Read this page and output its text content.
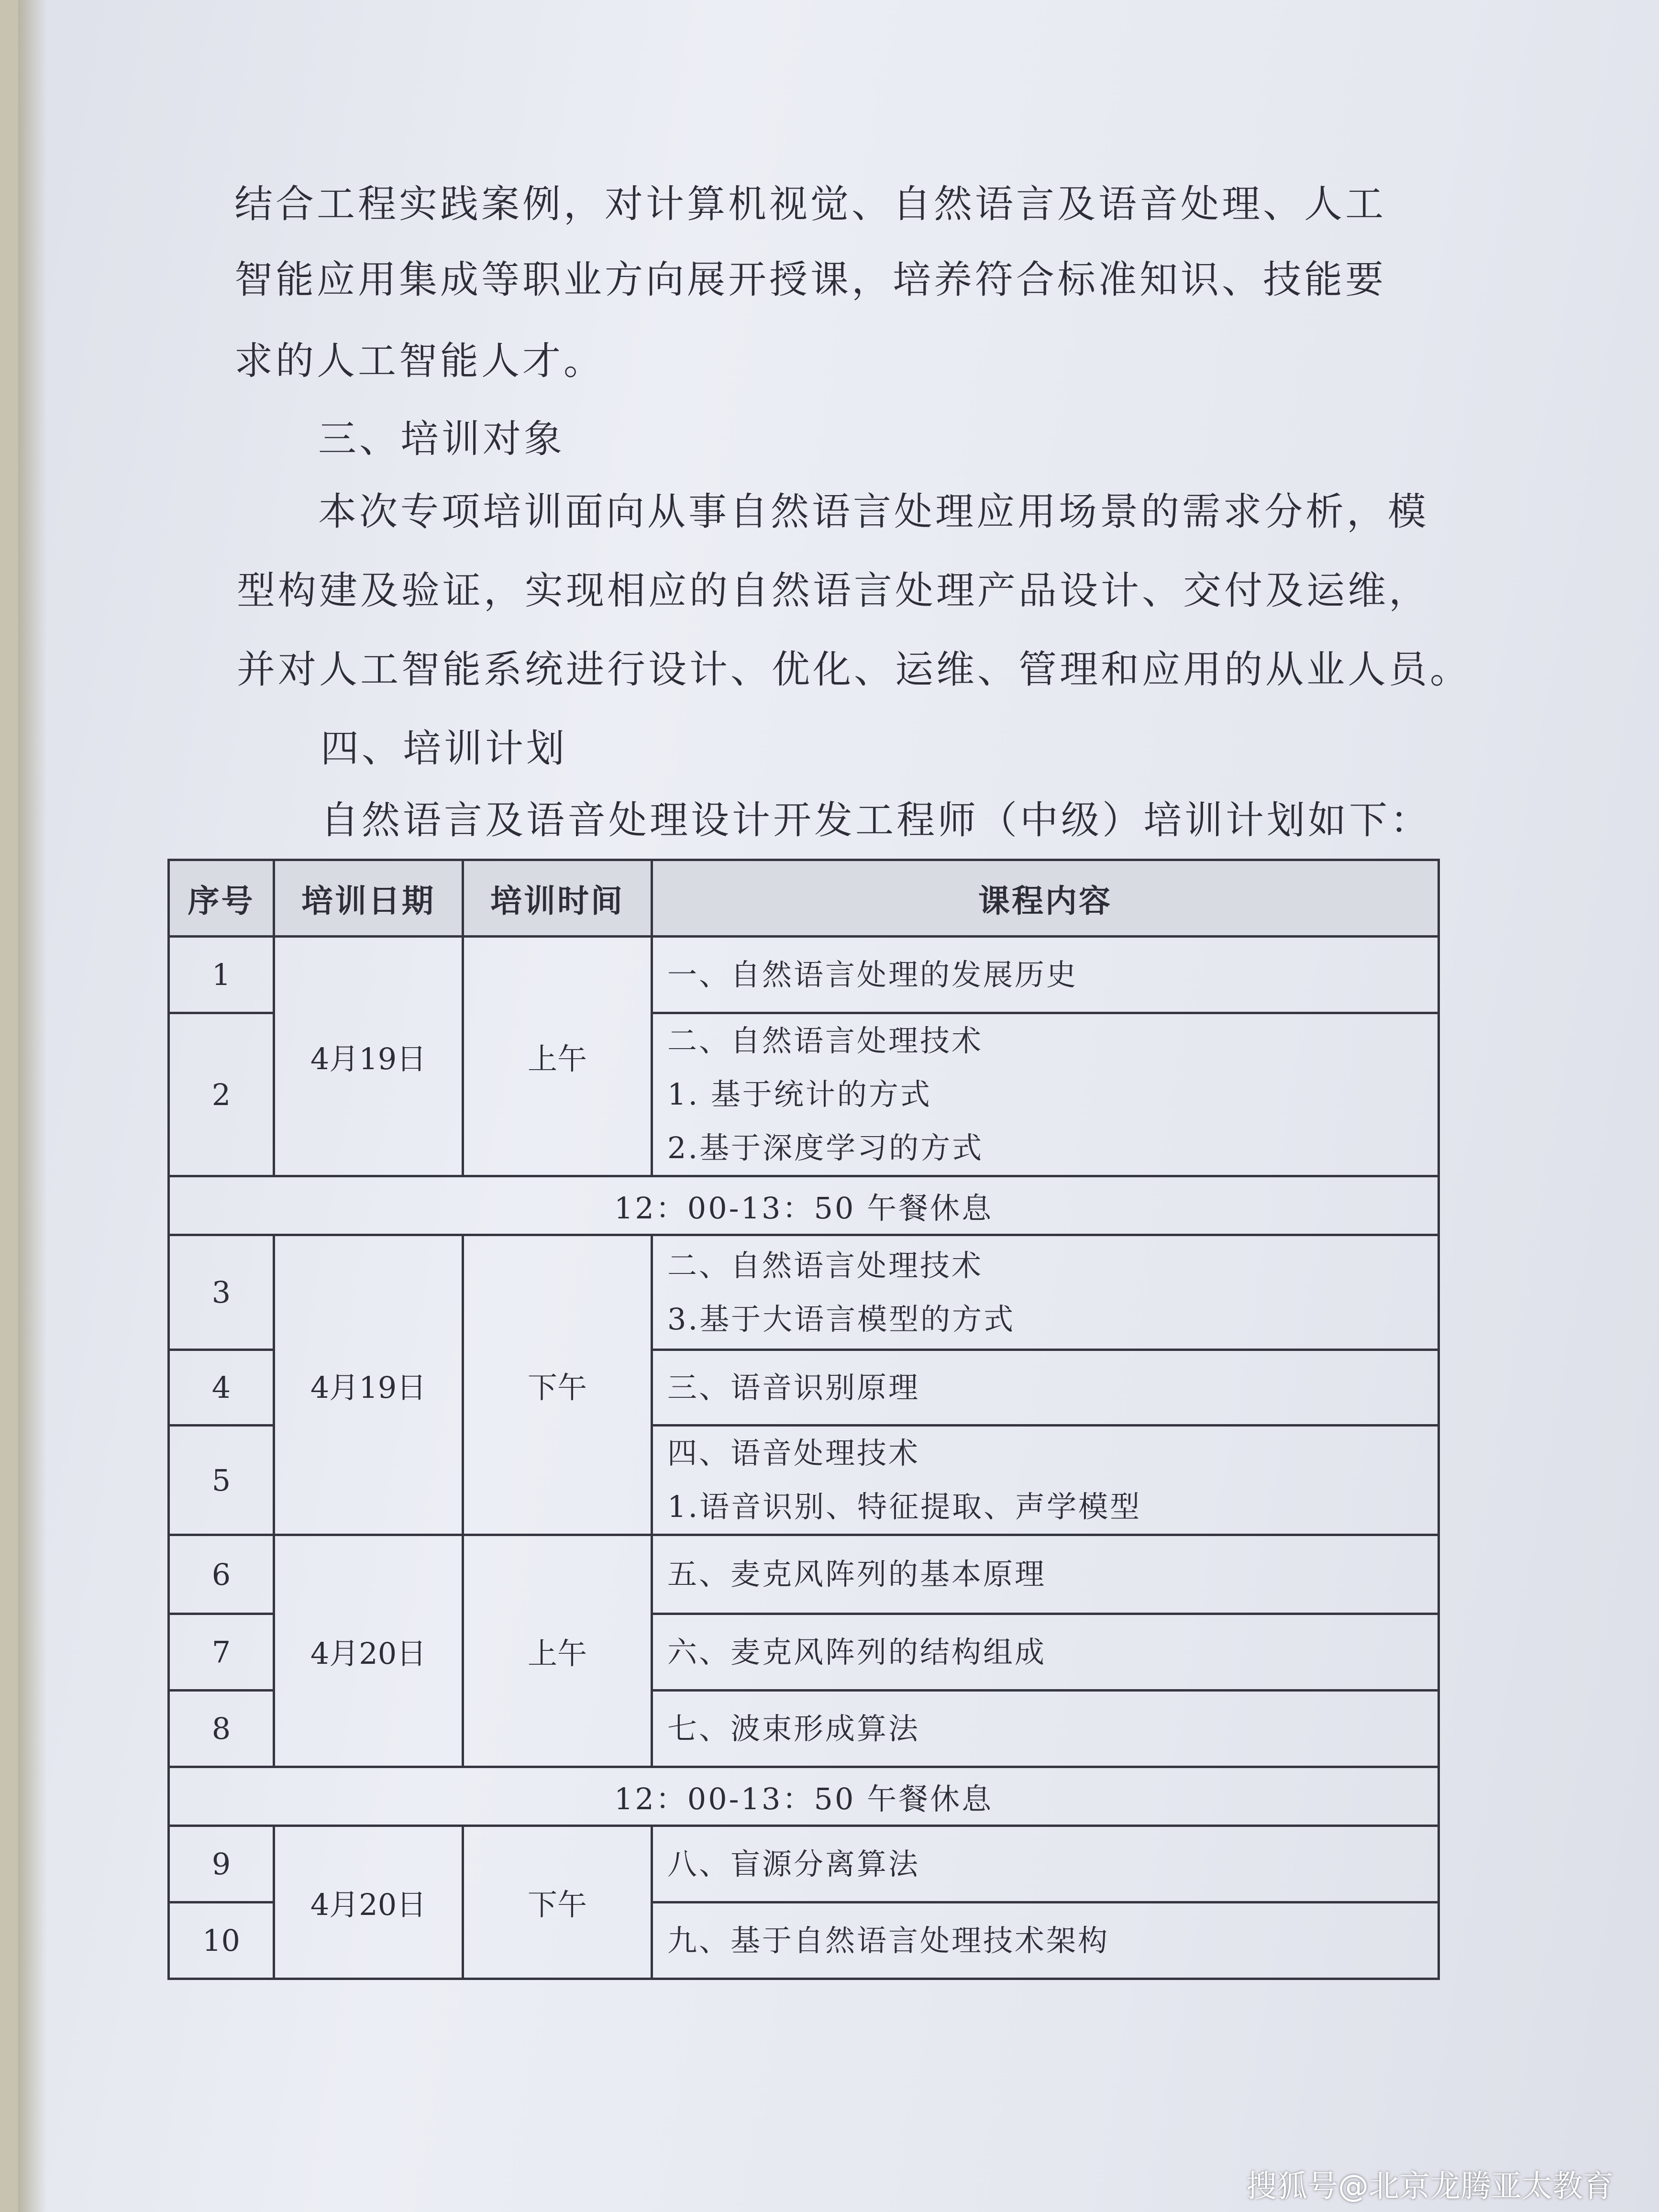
结合工程实践案例，对计算机视觉、自然语言及语音处理、人工
智能应用集成等职业方向展开授课，培养符合标准知识、技能要
求的人工智能人才。
三、培训对象
本次专项培训面向从事自然语言处理应用场景的需求分析，模
型构建及验证，实现相应的自然语言处理产品设计、交付及运维，
并对人工智能系统进行设计、优化、运维、管理和应用的从业人员。
四、培训计划
自然语言及语音处理设计开发工程师（中级）培训计划如下：
序号	培训日期	培训时间	课程内容
1	4月19日	上午	一、自然语言处理的发展历史

2			二、自然语言处理技术
1. 基于统计的方式
2.基于深度学习的方式

12：00-13：50 午餐休息			
3	4月19日	下午	二、自然语言处理技术
3.基于大语言模型的方式

4			三、语音识别原理

5			四、语音处理技术
1.语音识别、特征提取、声学模型

6	4月20日	上午	五、麦克风阵列的基本原理

7			六、麦克风阵列的结构组成

8			七、波束形成算法

12：00-13：50 午餐休息			
9	4月20日	下午	八、盲源分离算法

10			九、基于自然语言处理技术架构
搜狐号@北京龙腾亚太教育
